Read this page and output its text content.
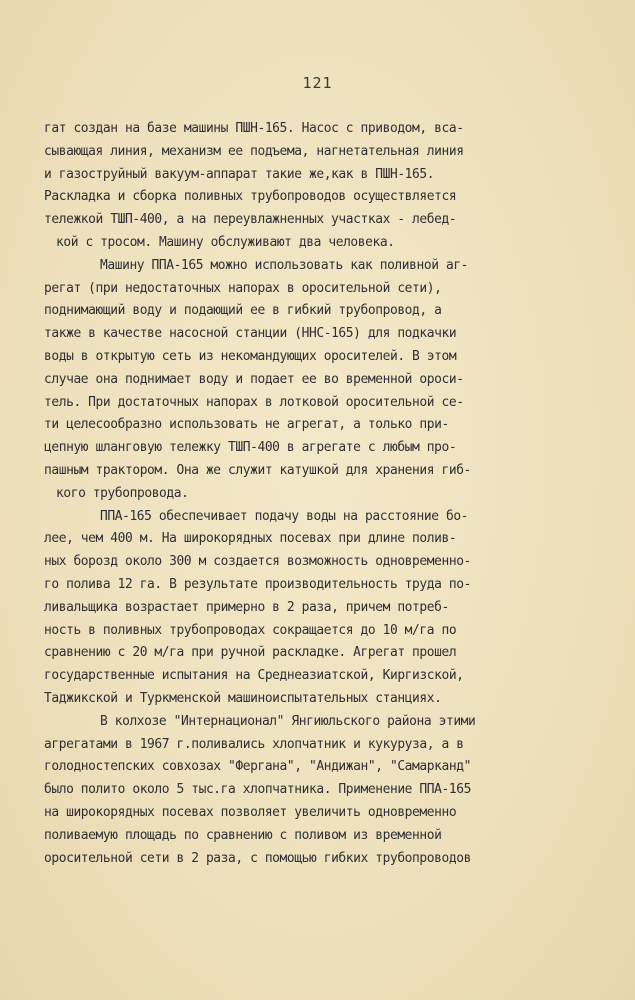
121
гат создан на базе машины ПШН-165. Насос с приводом, вса-
сывающая линия, механизм ее подъема, нагнетательная линия
и газоструйный вакуум-аппарат такие же,как в ПШН-165.
Раскладка и сборка поливных трубопроводов осуществляется
тележкой ТШП-400, а на переувлажненных участках - лебед-
кой с тросом. Машину обслуживают два человека.
Машину ППА-165 можно использовать как поливной аг-
регат (при недостаточных напорах в оросительной сети),
поднимающий воду и подающий ее в гибкий трубопровод, а
также в качестве насосной станции (ННС-165) для подкачки
воды в открытую сеть из некомандующих оросителей. В этом
случае она поднимает воду и подает ее во временной ороси-
тель. При достаточных напорах в лотковой оросительной се-
ти целесообразно использовать не агрегат, а только при-
цепную шланговую тележку ТШП-400 в агрегате с любым про-
пашным трактором. Она же служит катушкой для хранения гиб-
кого трубопровода.
ППА-165 обеспечивает подачу воды на расстояние бо-
лее, чем 400 м. На широкорядных посевах при длине полив-
ных борозд около 300 м создается возможность одновременно-
го полива 12 га. В результате производительность труда по-
ливальщика возрастает примерно в 2 раза, причем потреб-
ность в поливных трубопроводах сокращается до 10 м/га по
сравнению с 20 м/га при ручной раскладке. Агрегат прошел
государственные испытания на Среднеазиатской, Киргизской,
Таджикской и Туркменской машиноиспытательных станциях.
В колхозе "Интернационал" Янгиюльского района этими
агрегатами в 1967 г.поливались хлопчатник и кукуруза, а в
голодностепских совхозах "Фергана", "Андижан", "Самарканд"
было полито около 5 тыс.га хлопчатника. Применение ППА-165
на широкорядных посевах позволяет увеличить одновременно
поливаемую площадь по сравнению с поливом из временной
оросительной сети в 2 раза, с помощью гибких трубопроводов
